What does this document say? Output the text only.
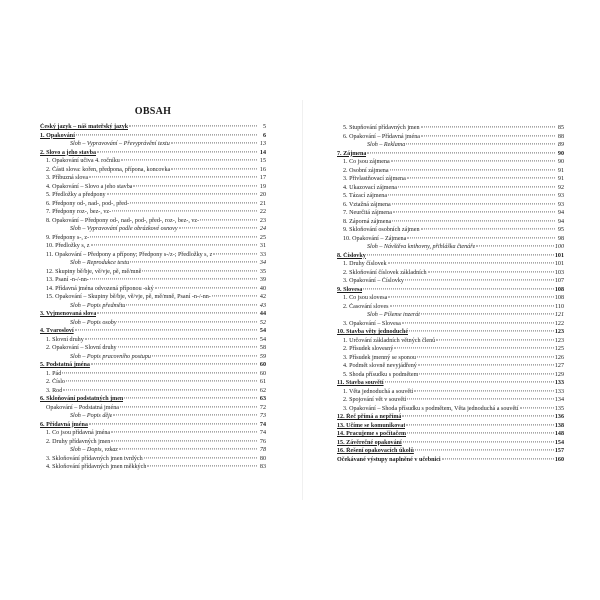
OBSAH
Český jazyk – náš mateřský jazyk	5
1. Opakování	6
Sloh – Vypravování – Převyprávění textu	13
2. Slovo a jeho stavba	14
1. Opakování učiva 4. ročníku	15
2. Části slova: kořen, předpona, přípona, koncovka	16
3. Příbuzná slova	17
4. Opakování – Slovo a jeho stavba	19
5. Předložky a předpony	20
6. Předpony od-, nad-, pod-, před-	21
7. Předpony roz-, bez-, vz-	22
8. Opakování – Předpony od-, nad-, pod-, před-, roz-, bez-, vz-	23
Sloh – Vypravování podle obrázkové osnovy	24
9. Předpony s-, z-	25
10. Předložky s, z	31
11. Opakování – Předpony a přípony; Předpony s-/z-; Předložky s, z	33
Sloh – Reprodukce textu	34
12. Skupiny bě/bje, vě/vje, pě, mě/mně	35
13. Psaní -n-/-nn-	39
14. Přídavná jména odvozená příponou -ský	40
15. Opakování – Skupiny bě/bje, vě/vje, pě, mě/mně, Psaní -n-/-nn-	42
Sloh – Popis předmětu	43
3. Vyjmenovaná slova	44
Sloh – Popis osoby	52
4. Tvarosloví	54
1. Slovní druhy	54
2. Opakování – Slovní druhy	58
Sloh – Popis pracovního postupu	59
5. Podstatná jména	60
1. Pád	60
2. Číslo	61
3. Rod	62
6. Skloňování podstatných jmen	63
Opakování – Podstatná jména	72
Sloh – Popis děje	73
6. Přídavná jména	74
1. Co jsou přídavná jména	74
2. Druhy přídavných jmen	76
Sloh – Dopis, vzkaz	78
3. Skloňování přídavných jmen tvrdých	80
4. Skloňování přídavných jmen měkkých	83
5. Stupňování přídavných jmen	85
6. Opakování – Přídavná jména	88
Sloh – Reklama	89
7. Zájmena	90
1. Co jsou zájmena	90
2. Osobní zájmena	91
3. Přivlastňovací zájmena	91
4. Ukazovací zájmena	92
5. Tázací zájmena	93
6. Vztažná zájmena	93
7. Neurčitá zájmena	94
8. Záporná zájmena	94
9. Skloňování osobních zájmen	95
10. Opakování – Zájmena	98
Sloh – Návštěva knihovny, přihláška čtenáře	100
8. Číslovky	101
1. Druhy číslovek	101
2. Skloňování číslovek základních	103
3. Opakování – Číslovky	107
9. Slovesa	108
1. Co jsou slovesa	108
2. Časování sloves	110
Sloh – Píšeme inzerát	121
3. Opakování – Slovesa	122
10. Stavba věty jednoduché	123
1. Určování základních větných členů	123
2. Přísudek slovesný	125
3. Přísudek jmenný se sponou	126
4. Podmět slovně nevyjádřený	127
5. Shoda přísudku s podmětem	129
11. Stavba souvětí	133
1. Věta jednoduchá a souvětí	133
2. Spojování vět v souvětí	134
3. Opakování – Shoda přísudku s podmětem, Věta jednoduchá a souvětí	135
12. Řeč přímá a nepřímá	136
13. Učíme se komunikovat	138
14. Pracujeme s počítačem	148
15. Závěrečné opakování	154
16. Řešení opakovacích úkolů	157
Očekávané výstupy naplněné v učebnici	160
